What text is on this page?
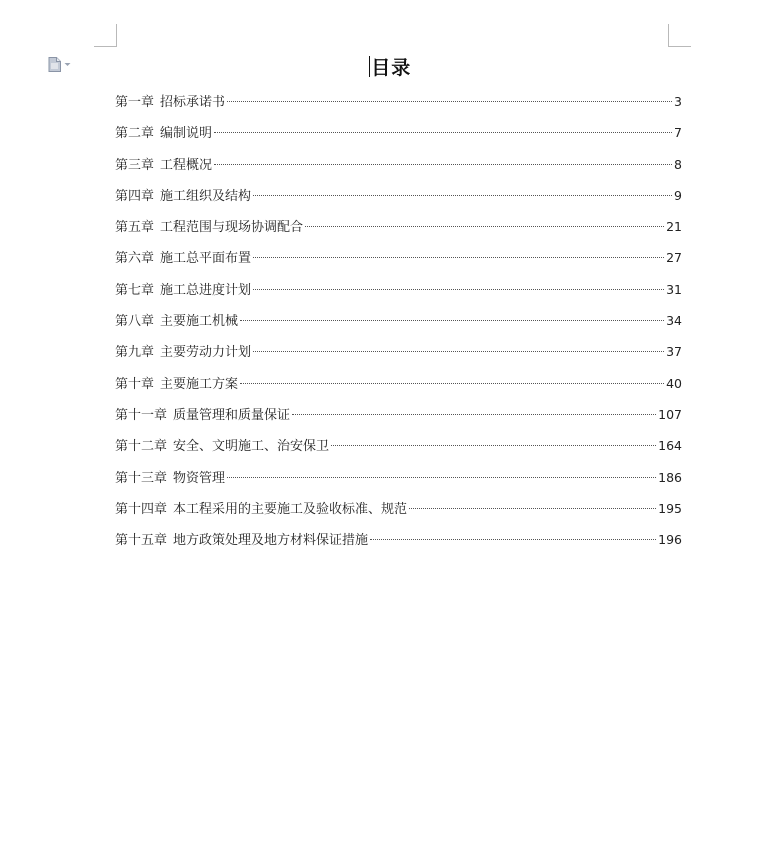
目录
第一章 招标承诺书	3
第二章 编制说明	7
第三章 工程概况	8
第四章 施工组织及结构	9
第五章 工程范围与现场协调配合	21
第六章 施工总平面布置	27
第七章 施工总进度计划	31
第八章 主要施工机械	34
第九章 主要劳动力计划	37
第十章 主要施工方案	40
第十一章 质量管理和质量保证	107
第十二章 安全、文明施工、治安保卫	164
第十三章 物资管理	186
第十四章 本工程采用的主要施工及验收标准、规范	195
第十五章 地方政策处理及地方材料保证措施	196
